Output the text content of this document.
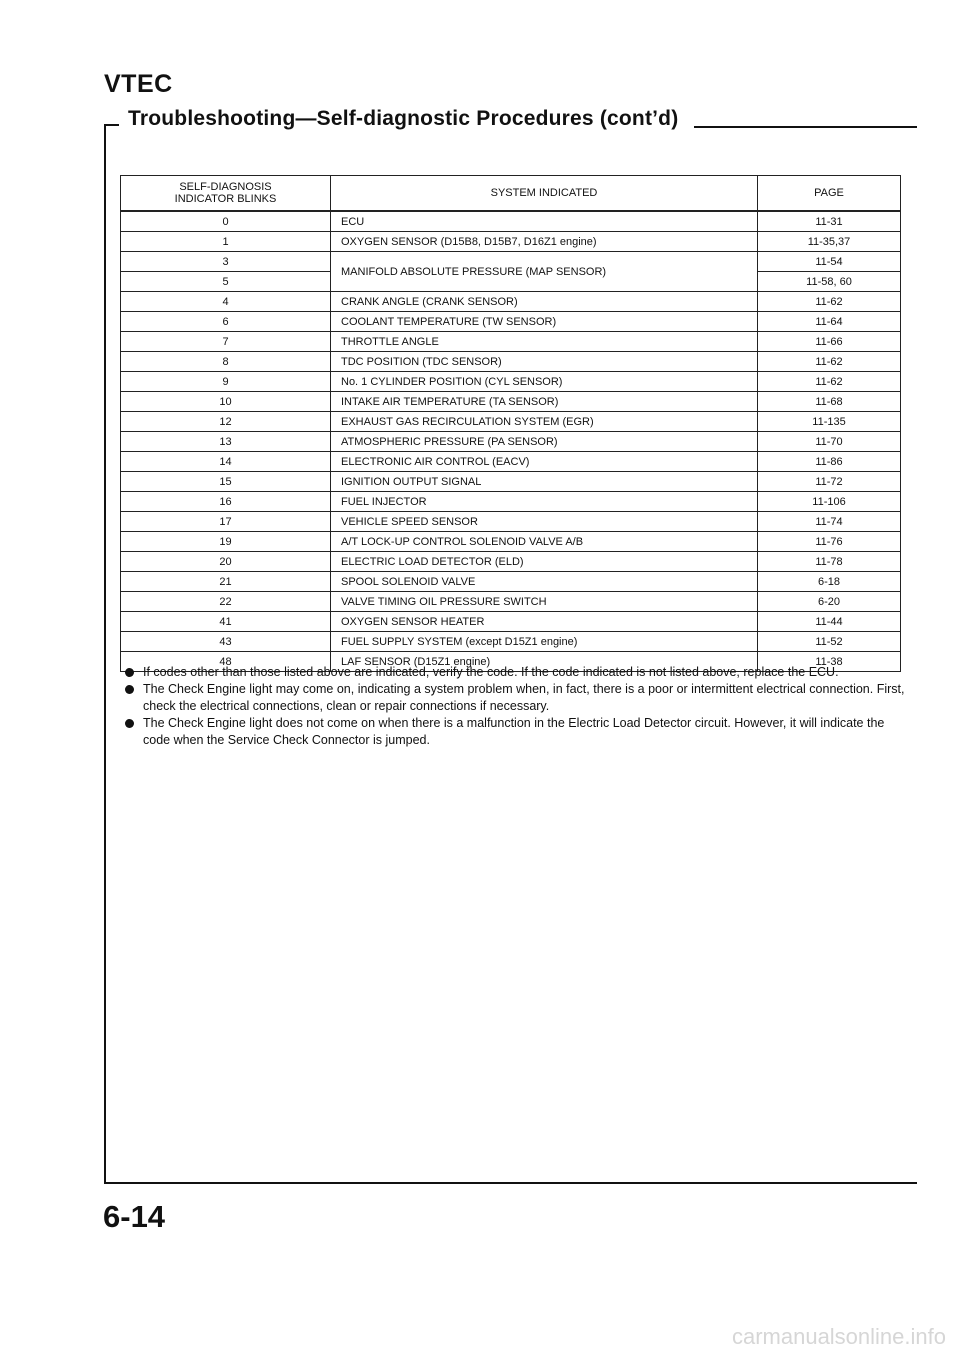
VTEC
Troubleshooting—Self-diagnostic Procedures (cont’d)
SELF-DIAGNOSIS
INDICATOR BLINKS	SYSTEM INDICATED	PAGE
0	ECU	11-31
1	OXYGEN SENSOR (D15B8, D15B7, D16Z1 engine)	11-35,37
3	MANIFOLD ABSOLUTE PRESSURE (MAP SENSOR)	11-54
5		11-58, 60
4	CRANK ANGLE (CRANK SENSOR)	11-62
6	COOLANT TEMPERATURE (TW SENSOR)	11-64
7	THROTTLE ANGLE	11-66
8	TDC POSITION (TDC SENSOR)	11-62
9	No. 1 CYLINDER POSITION (CYL SENSOR)	11-62
10	INTAKE AIR TEMPERATURE (TA SENSOR)	11-68
12	EXHAUST GAS RECIRCULATION SYSTEM (EGR)	11-135
13	ATMOSPHERIC PRESSURE (PA SENSOR)	11-70
14	ELECTRONIC AIR CONTROL (EACV)	11-86
15	IGNITION OUTPUT SIGNAL	11-72
16	FUEL INJECTOR	11-106
17	VEHICLE SPEED SENSOR	11-74
19	A/T LOCK-UP CONTROL SOLENOID VALVE A/B	11-76
20	ELECTRIC LOAD DETECTOR (ELD)	11-78
21	SPOOL SOLENOID VALVE	6-18
22	VALVE TIMING OIL PRESSURE SWITCH	6-20
41	OXYGEN SENSOR HEATER	11-44
43	FUEL SUPPLY SYSTEM (except D15Z1 engine)	11-52
48	LAF SENSOR (D15Z1 engine)	11-38
If codes other than those listed above are indicated, verify the code. If the code indicated is not listed above, replace the ECU.
The Check Engine light may come on, indicating a system problem when, in fact, there is a poor or intermittent electrical connection. First, check the electrical connections, clean or repair connections if necessary.
The Check Engine light does not come on when there is a malfunction in the Electric Load Detector circuit. However, it will indicate the code when the Service Check Connector is jumped.
6-14
carmanualsonline.info
